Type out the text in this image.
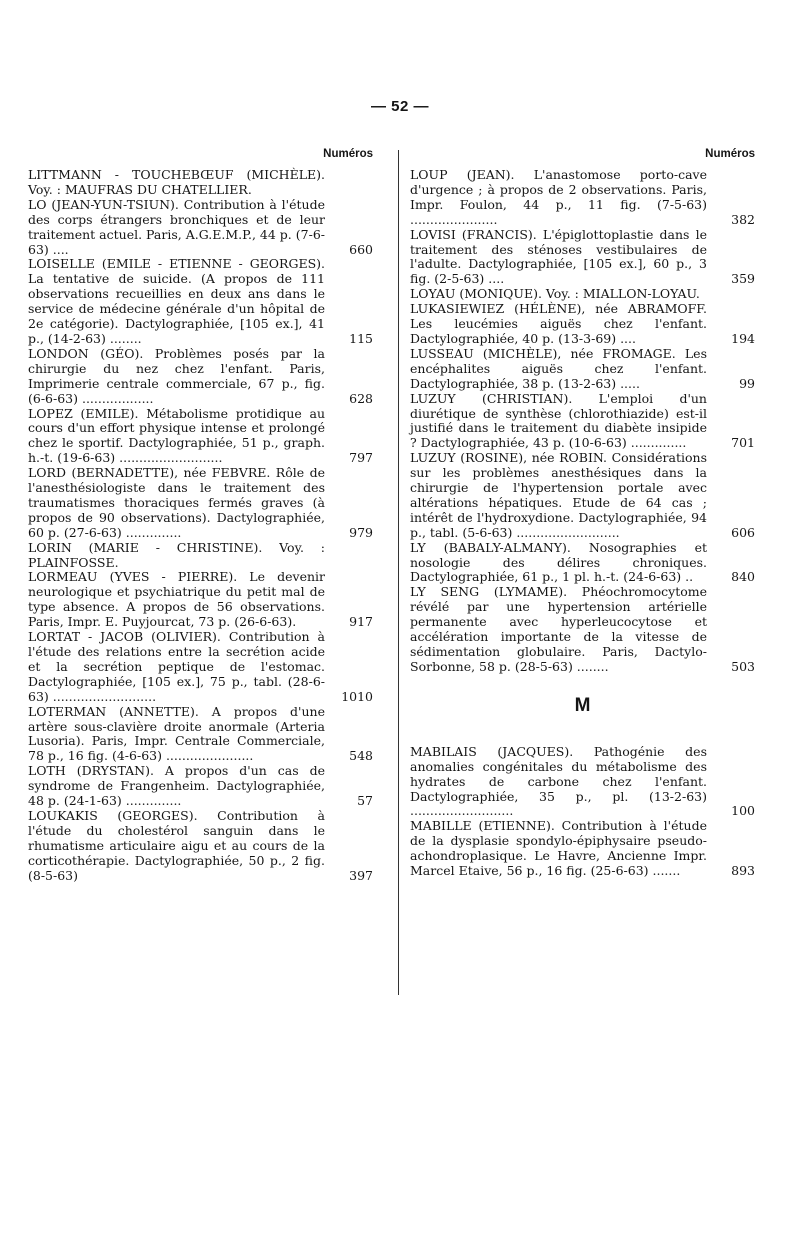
— 52 —
Numéros
LITTMANN - TOUCHEBŒUF (MICHÈLE). Voy. : MAUFRAS DU CHATELLIER.
LO (JEAN-YUN-TSIUN). Contribution à l'étude des corps étrangers bronchiques et de leur traitement actuel. Paris, A.G.E.M.P., 44 p. (7-6-63) ....	660
LOISELLE (EMILE - ETIENNE - GEORGES). La tentative de suicide. (A propos de 111 observations recueillies en deux ans dans le service de médecine générale d'un hôpital de 2e catégorie). Dactylographiée, [105 ex.], 41 p., (14-2-63) ........	115
LONDON (GÉO). Problèmes posés par la chirurgie du nez chez l'enfant. Paris, Imprimerie centrale commerciale, 67 p., fig. (6-6-63) ..................	628
LOPEZ (EMILE). Métabolisme protidique au cours d'un effort physique intense et prolongé chez le sportif. Dactylographiée, 51 p., graph. h.-t. (19-6-63) ..........................	797
LORD (BERNADETTE), née FEBVRE. Rôle de l'anesthésiologiste dans le traitement des traumatismes thoraciques fermés graves (à propos de 90 observations). Dactylographiée, 60 p. (27-6-63) ..............	979
LORIN (MARIE - CHRISTINE). Voy. : PLAINFOSSE.
LORMEAU (YVES - PIERRE). Le devenir neurologique et psychiatrique du petit mal de type absence. A propos de 56 observations. Paris, Impr. E. Puyjourcat, 73 p. (26-6-63).	917
LORTAT - JACOB (OLIVIER). Contribution à l'étude des relations entre la secrétion acide et la secrétion peptique de l'estomac. Dactylographiée, [105 ex.], 75 p., tabl. (28-6-63) ..........................	1010
LOTERMAN (ANNETTE). A propos d'une artère sous-clavière droite anormale (Arteria Lusoria). Paris, Impr. Centrale Commerciale, 78 p., 16 fig. (4-6-63) ......................	548
LOTH (DRYSTAN). A propos d'un cas de syndrome de Frangenheim. Dactylographiée, 48 p. (24-1-63) ..............	57
LOUKAKIS (GEORGES). Contribution à l'étude du cholestérol sanguin dans le rhumatisme articulaire aigu et au cours de la corticothérapie. Dactylographiée, 50 p., 2 fig. (8-5-63)	397
Numéros
LOUP (JEAN). L'anastomose porto-cave d'urgence ; à propos de 2 observations. Paris, Impr. Foulon, 44 p., 11 fig. (7-5-63) ......................	382
LOVISI (FRANCIS). L'épiglottoplastie dans le traitement des sténoses vestibulaires de l'adulte. Dactylographiée, [105 ex.], 60 p., 3 fig. (2-5-63) ....	359
LOYAU (MONIQUE). Voy. : MIALLON-LOYAU.
LUKASIEWIEZ (HÉLÈNE), née ABRAMOFF. Les leucémies aiguës chez l'enfant. Dactylographiée, 40 p. (13-3-69) ....	194
LUSSEAU (MICHÈLE), née FROMAGE. Les encéphalites aiguës chez l'enfant. Dactylographiée, 38 p. (13-2-63) .....	99
LUZUY (CHRISTIAN). L'emploi d'un diurétique de synthèse (chlorothiazide) est-il justifié dans le traitement du diabète insipide ? Dactylographiée, 43 p. (10-6-63) ..............	701
LUZUY (ROSINE), née ROBIN. Considérations sur les problèmes anesthésiques dans la chirurgie de l'hypertension portale avec altérations hépatiques. Etude de 64 cas ; intérêt de l'hydroxydione. Dactylographiée, 94 p., tabl. (5-6-63) ..........................	606
LY (BABALY-ALMANY). Nosographies et nosologie des délires chroniques. Dactylographiée, 61 p., 1 pl. h.-t. (24-6-63) ..	840
LY SENG (LYMAME). Phéochromocytome révélé par une hypertension artérielle permanente avec hyperleucocytose et accélération importante de la vitesse de sédimentation globulaire. Paris, Dactylo-Sorbonne, 58 p. (28-5-63) ........	503
M
MABILAIS (JACQUES). Pathogénie des anomalies congénitales du métabolisme des hydrates de carbone chez l'enfant. Dactylographiée, 35 p., pl. (13-2-63) ..........................	100
MABILLE (ETIENNE). Contribution à l'étude de la dysplasie spondylo-épiphysaire pseudo-achondroplasique. Le Havre, Ancienne Impr. Marcel Etaive, 56 p., 16 fig. (25-6-63) .......	893
